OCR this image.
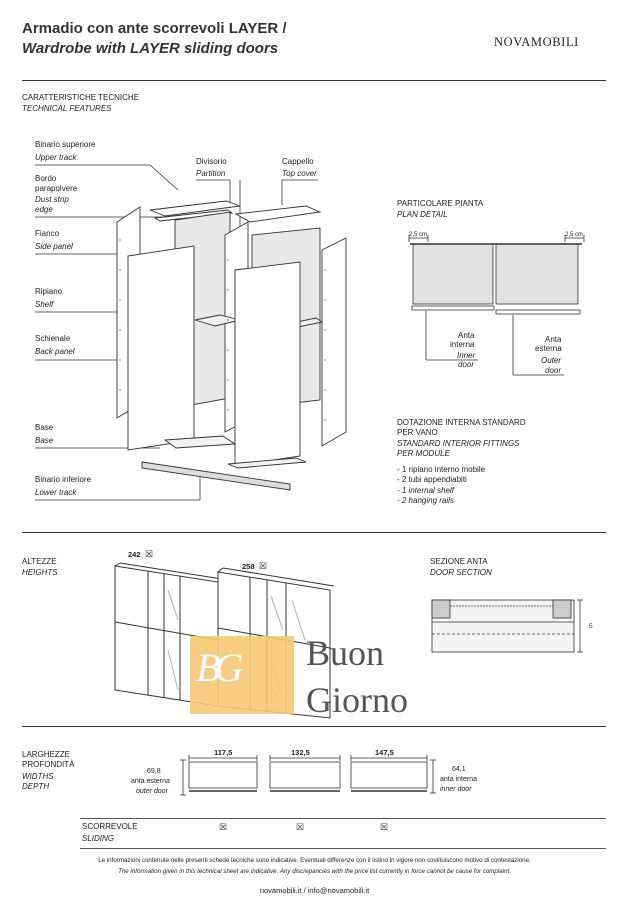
Armadio con ante scorrevoli LAYER /
Wardrobe with LAYER sliding doors	NOVAMOBILI
CARATTERISTICHE TECNICHE
TECHNICAL FEATURES
Binario superiore
Upper track
Bordo
parapolvere
Dust strip
edge
Fianco
Side panel
Ripiano
Shelf
Schienale
Back panel
Base
Base
Binario inferiore
Lower track
Divisorio
Partition
Cappello
Top cover
PARTICOLARE PIANTA
PLAN DETAIL
2,5 cm	2,5 cm
Anta
interna
Inner
door
Anta
esterna
Outer
door
DOTAZIONE INTERNA STANDARD
PER VANO
STANDARD INTERIOR FITTINGS
PER MODULE
- 1 ripiano interno mobile
- 2 tubi appendiabiti
- 1 internal shelf
- 2 hanging rails
ALTEZZE
HEIGHTS
242 ☒
258 ☒
BG Buon
Giorno
SEZIONE ANTA
DOOR SECTION
5
LARGHEZZE
PROFONDITÀ
WIDTHS
DEPTH
69,8
anta esterna
outer door
64,1
anta interna
inner door
117,5	132,5	147,5
SCORREVOLE
SLIDING
☒	☒	☒
Le informazioni contenute nelle presenti schede tecniche sono indicative. Eventuali differenze con il listino in vigore non costituiscono motivo di contestazione.
The information given in this technical sheet are indicative. Any discrepancies with the price list currently in force cannot be cause for complaint.
novamobili.it / info@novamobili.it
